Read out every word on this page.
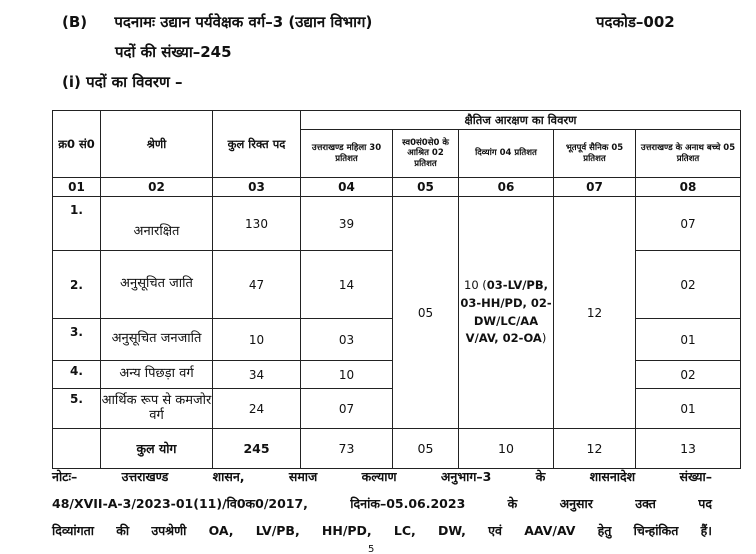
(B) पदनामः उद्यान पर्यवेक्षक वर्ग–3 (उद्यान विभाग)	पदकोड–002
पदों की संख्या–245
(i) पदों का विवरण –
क्र0 सं0	श्रेणी	कुल रिक्त पद	क्षैतिज आरक्षण का विवरण				
			उत्तराखण्ड महिला 30 प्रतिशत	स्व0सं0से0 के आश्रित 02 प्रतिशत	दिव्यांग 04 प्रतिशत	भूतपूर्व सैनिक 05 प्रतिशत	उत्तराखण्ड के अनाथ बच्चे 05 प्रतिशत
01	02	03	04	05	06	07	08
1.	अनारक्षित	130	39	05	10 (03-LV/PB, 03-HH/PD, 02-DW/LC/AA V/AV, 02-OA)	12	07
2.	अनुसूचित जाति	47	14				02
3.	अनुसूचित जनजाति	10	03				01
4.	अन्य पिछड़ा वर्ग	34	10				02
5.	आर्थिक रूप से कमजोर वर्ग	24	07				01
	कुल योग	245	73	05	10	12	13
नोटः– उत्तराखण्ड शासन, समाज कल्याण अनुभाग–3 के शासनादेश संख्या–
48/XVII-A-3/2023-01(11)/वि0क0/2017, दिनांक–05.06.2023 के अनुसार उक्त पद
दिव्यांगता की उपश्रेणी OA, LV/PB, HH/PD, LC, DW, एवं AAV/AV हेतु चिन्हांकित हैं।
5
